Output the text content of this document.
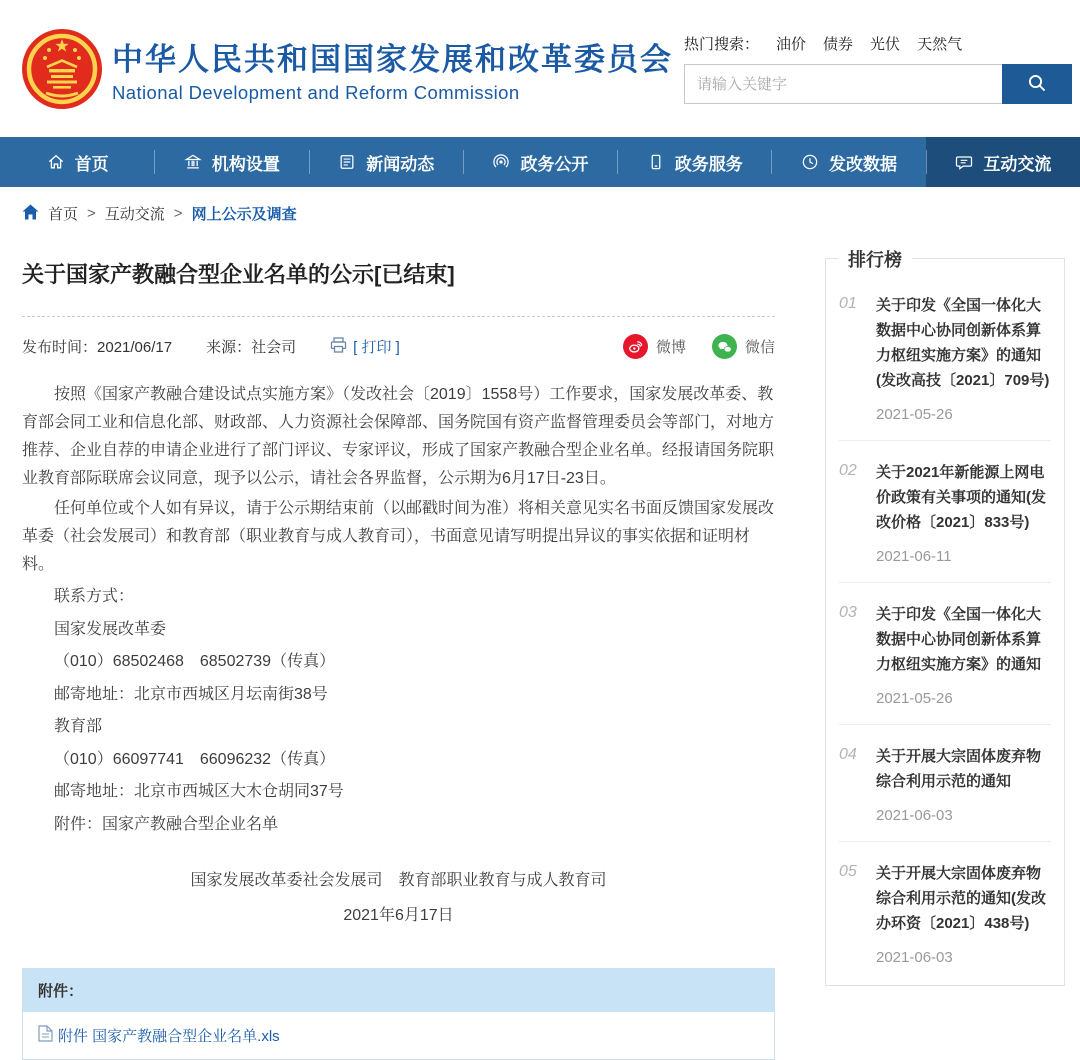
中华人民共和国国家发展和改革委员会
National Development and Reform Commission
热门搜索： 油价 债券 光伏 天然气
请输入关键字
首页	机构设置	新闻动态	政务公开	政务服务	发改数据	互动交流
首页 > 互动交流 > 网上公示及调查
关于国家产教融合型企业名单的公示[已结束]
发布时间：2021/06/17 来源：社会司	[ 打印 ]	微博	微信

按照《国家产教融合建设试点实施方案》（发改社会〔2019〕1558号）工作要求，国家发展改革委、教育部会同工业和信息化部、财政部、人力资源社会保障部、国务院国有资产监督管理委员会等部门，对地方推荐、企业自荐的申请企业进行了部门评议、专家评议，形成了国家产教融合型企业名单。经报请国务院职业教育部际联席会议同意，现予以公示，请社会各界监督，公示期为6月17日-23日。

任何单位或个人如有异议，请于公示期结束前（以邮戳时间为准）将相关意见实名书面反馈国家发展改革委（社会发展司）和教育部（职业教育与成人教育司），书面意见请写明提出异议的事实依据和证明材料。

联系方式：

国家发展改革委

（010）68502468　68502739（传真）

邮寄地址：北京市西城区月坛南街38号

教育部

（010）66097741　66096232（传真）

邮寄地址：北京市西城区大木仓胡同37号

附件：国家产教融合型企业名单

国家发展改革委社会发展司　教育部职业教育与成人教育司

2021年6月17日

附件：
附件 国家产教融合型企业名单.xls
排行榜
01	关于印发《全国一体化大数据中心协同创新体系算力枢纽实施方案》的通知(发改高技〔2021〕709号)
2021-05-26
02	关于2021年新能源上网电价政策有关事项的通知(发改价格〔2021〕833号)
2021-06-11
03	关于印发《全国一体化大数据中心协同创新体系算力枢纽实施方案》的通知
2021-05-26
04	关于开展大宗固体废弃物综合利用示范的通知
2021-06-03
05	关于开展大宗固体废弃物综合利用示范的通知(发改办环资〔2021〕438号)
2021-06-03
